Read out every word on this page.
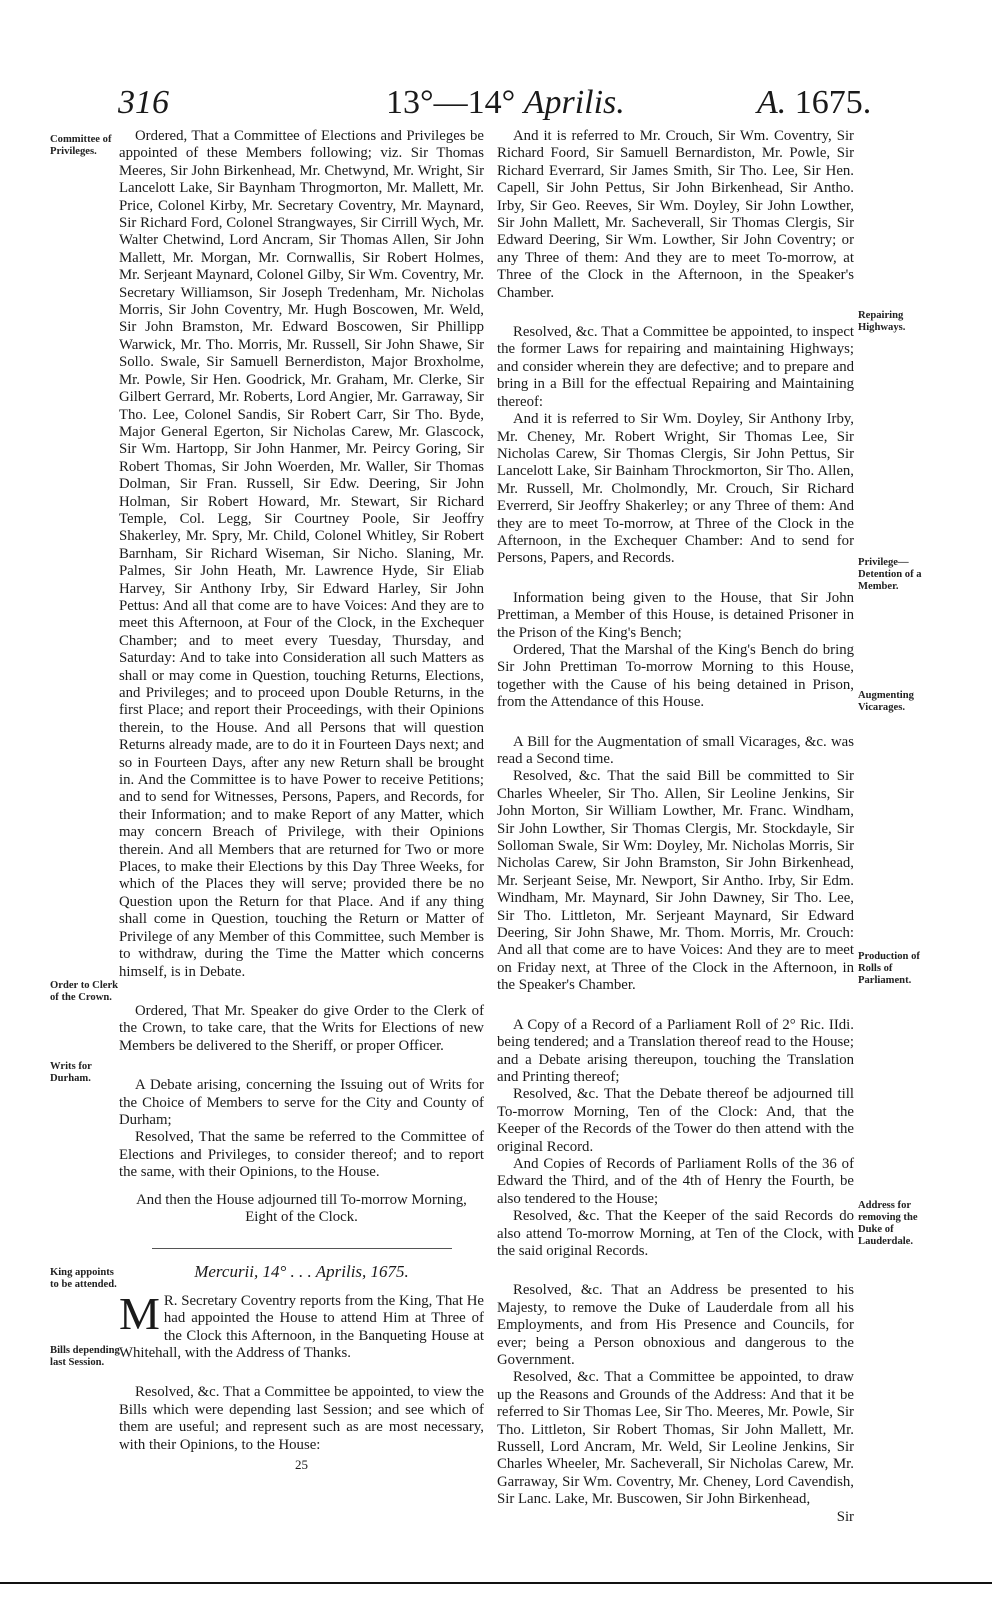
316	13°—14° Aprilis.	A. 1675.
Committee of Privileges.
Order to Clerk of the Crown.
Writs for Durham.
King appoints to be attended.
Bills depending last Session.
Repairing Highways.
Privilege—Detention of a Member.
Augmenting Vicarages.
Production of Rolls of Parliament.
Address for removing the Duke of Lauderdale.

Ordered, That a Committee of Elections and Privileges be appointed of these Members following; viz. Sir Thomas Meeres, Sir John Birkenhead, Mr. Chetwynd, Mr. Wright, Sir Lancelott Lake, Sir Baynham Throgmorton, Mr. Mallett, Mr. Price, Colonel Kirby, Mr. Secretary Coventry, Mr. Maynard, Sir Richard Ford, Colonel Strangwayes, Sir Cirrill Wych, Mr. Walter Chetwind, Lord Ancram, Sir Thomas Allen, Sir John Mallett, Mr. Morgan, Mr. Cornwallis, Sir Robert Holmes, Mr. Serjeant Maynard, Colonel Gilby, Sir Wm. Coventry, Mr. Secretary Williamson, Sir Joseph Tredenham, Mr. Nicholas Morris, Sir John Coventry, Mr. Hugh Boscowen, Mr. Weld, Sir John Bramston, Mr. Edward Boscowen, Sir Phillipp Warwick, Mr. Tho. Morris, Mr. Russell, Sir John Shawe, Sir Sollo. Swale, Sir Samuell Bernerdiston, Major Broxholme, Mr. Powle, Sir Hen. Goodrick, Mr. Graham, Mr. Clerke, Sir Gilbert Gerrard, Mr. Roberts, Lord Angier, Mr. Garraway, Sir Tho. Lee, Colonel Sandis, Sir Robert Carr, Sir Tho. Byde, Major General Egerton, Sir Nicholas Carew, Mr. Glascock, Sir Wm. Hartopp, Sir John Hanmer, Mr. Peircy Goring, Sir Robert Thomas, Sir John Woerden, Mr. Waller, Sir Thomas Dolman, Sir Fran. Russell, Sir Edw. Deering, Sir John Holman, Sir Robert Howard, Mr. Stewart, Sir Richard Temple, Col. Legg, Sir Courtney Poole, Sir Jeoffry Shakerley, Mr. Spry, Mr. Child, Colonel Whitley, Sir Robert Barnham, Sir Richard Wiseman, Sir Nicho. Slaning, Mr. Palmes, Sir John Heath, Mr. Lawrence Hyde, Sir Eliab Harvey, Sir Anthony Irby, Sir Edward Harley, Sir John Pettus: And all that come are to have Voices: And they are to meet this Afternoon, at Four of the Clock, in the Exchequer Chamber; and to meet every Tuesday, Thursday, and Saturday: And to take into Consideration all such Matters as shall or may come in Question, touching Returns, Elections, and Privileges; and to proceed upon Double Returns, in the first Place; and report their Proceedings, with their Opinions therein, to the House. And all Persons that will question Returns already made, are to do it in Fourteen Days next; and so in Fourteen Days, after any new Return shall be brought in. And the Committee is to have Power to receive Petitions; and to send for Witnesses, Persons, Papers, and Records, for their Information; and to make Report of any Matter, which may concern Breach of Privilege, with their Opinions therein. And all Members that are returned for Two or more Places, to make their Elections by this Day Three Weeks, for which of the Places they will serve; provided there be no Question upon the Return for that Place. And if any thing shall come in Question, touching the Return or Matter of Privilege of any Member of this Committee, such Member is to withdraw, during the Time the Matter which concerns himself, is in Debate.

Ordered, That Mr. Speaker do give Order to the Clerk of the Crown, to take care, that the Writs for Elections of new Members be delivered to the Sheriff, or proper Officer.

A Debate arising, concerning the Issuing out of Writs for the Choice of Members to serve for the City and County of Durham;

Resolved, That the same be referred to the Committee of Elections and Privileges, to consider thereof; and to report the same, with their Opinions, to the House.

And then the House adjourned till To-morrow Morning, Eight of the Clock.
Mercurii, 14° . . . Aprilis, 1675.
M R. Secretary Coventry reports from the King, That He had appointed the House to attend Him at Three of the Clock this Afternoon, in the Banqueting House at Whitehall, with the Address of Thanks.

Resolved, &c. That a Committee be appointed, to view the Bills which were depending last Session; and see which of them are useful; and represent such as are most necessary, with their Opinions, to the House:

25

And it is referred to Mr. Crouch, Sir Wm. Coventry, Sir Richard Foord, Sir Samuell Bernardiston, Mr. Powle, Sir Richard Everrard, Sir James Smith, Sir Tho. Lee, Sir Hen. Capell, Sir John Pettus, Sir John Birkenhead, Sir Antho. Irby, Sir Geo. Reeves, Sir Wm. Doyley, Sir John Lowther, Sir John Mallett, Mr. Sacheverall, Sir Thomas Clergis, Sir Edward Deering, Sir Wm. Lowther, Sir John Coventry; or any Three of them: And they are to meet To-morrow, at Three of the Clock in the Afternoon, in the Speaker's Chamber.

Resolved, &c. That a Committee be appointed, to inspect the former Laws for repairing and maintaining Highways; and consider wherein they are defective; and to prepare and bring in a Bill for the effectual Repairing and Maintaining thereof:

And it is referred to Sir Wm. Doyley, Sir Anthony Irby, Mr. Cheney, Mr. Robert Wright, Sir Thomas Lee, Sir Nicholas Carew, Sir Thomas Clergis, Sir John Pettus, Sir Lancelott Lake, Sir Bainham Throckmorton, Sir Tho. Allen, Mr. Russell, Mr. Cholmondly, Mr. Crouch, Sir Richard Everrerd, Sir Jeoffry Shakerley; or any Three of them: And they are to meet To-morrow, at Three of the Clock in the Afternoon, in the Exchequer Chamber: And to send for Persons, Papers, and Records.

Information being given to the House, that Sir John Prettiman, a Member of this House, is detained Prisoner in the Prison of the King's Bench;

Ordered, That the Marshal of the King's Bench do bring Sir John Prettiman To-morrow Morning to this House, together with the Cause of his being detained in Prison, from the Attendance of this House.

A Bill for the Augmentation of small Vicarages, &c. was read a Second time.

Resolved, &c. That the said Bill be committed to Sir Charles Wheeler, Sir Tho. Allen, Sir Leoline Jenkins, Sir John Morton, Sir William Lowther, Mr. Franc. Windham, Sir John Lowther, Sir Thomas Clergis, Mr. Stockdayle, Sir Solloman Swale, Sir Wm: Doyley, Mr. Nicholas Morris, Sir Nicholas Carew, Sir John Bramston, Sir John Birkenhead, Mr. Serjeant Seise, Mr. Newport, Sir Antho. Irby, Sir Edm. Windham, Mr. Maynard, Sir John Dawney, Sir Tho. Lee, Sir Tho. Littleton, Mr. Serjeant Maynard, Sir Edward Deering, Sir John Shawe, Mr. Thom. Morris, Mr. Crouch: And all that come are to have Voices: And they are to meet on Friday next, at Three of the Clock in the Afternoon, in the Speaker's Chamber.

A Copy of a Record of a Parliament Roll of 2° Ric. IIdi. being tendered; and a Translation thereof read to the House; and a Debate arising thereupon, touching the Translation and Printing thereof;

Resolved, &c. That the Debate thereof be adjourned till To-morrow Morning, Ten of the Clock: And, that the Keeper of the Records of the Tower do then attend with the original Record.

And Copies of Records of Parliament Rolls of the 36 of Edward the Third, and of the 4th of Henry the Fourth, be also tendered to the House;

Resolved, &c. That the Keeper of the said Records do also attend To-morrow Morning, at Ten of the Clock, with the said original Records.

Resolved, &c. That an Address be presented to his Majesty, to remove the Duke of Lauderdale from all his Employments, and from His Presence and Councils, for ever; being a Person obnoxious and dangerous to the Government.

Resolved, &c. That a Committee be appointed, to draw up the Reasons and Grounds of the Address: And that it be referred to Sir Thomas Lee, Sir Tho. Meeres, Mr. Powle, Sir Tho. Littleton, Sir Robert Thomas, Sir John Mallett, Mr. Russell, Lord Ancram, Mr. Weld, Sir Leoline Jenkins, Sir Charles Wheeler, Mr. Sacheverall, Sir Nicholas Carew, Mr. Garraway, Sir Wm. Coventry, Mr. Cheney, Lord Cavendish, Sir Lanc. Lake, Mr. Buscowen, Sir John Birkenhead,

Sir
